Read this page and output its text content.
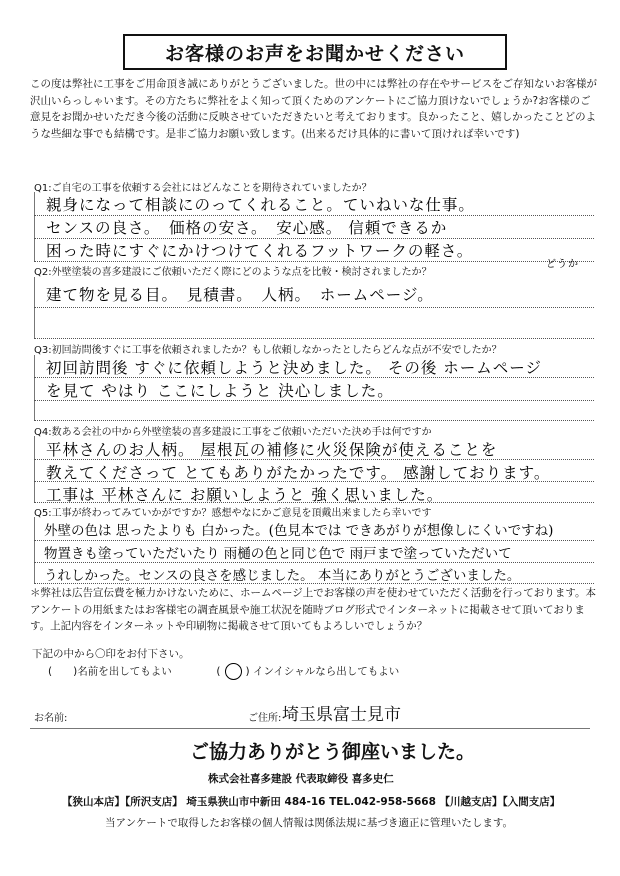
お客様のお声をお聞かせください
この度は弊社に工事をご用命頂き誠にありがとうございました。世の中には弊社の存在やサービスをご存知ないお客様が沢山いらっしゃいます。その方たちに弊社をよく知って頂くためのアンケートにご協力頂けないでしょうか?お客様のご意見をお聞かせいただき今後の活動に反映させていただきたいと考えております。良かったこと、嬉しかったことどのような些細な事でも結構です。是非ご協力お願い致します。(出来るだけ具体的に書いて頂ければ幸いです)
Q1:ご自宅の工事を依頼する会社にはどんなことを期待されていましたか？
親身になって相談にのってくれること。ていねいな仕事。
センスの良さ。　価格の安さ。　安心感。 信頼できるか
困った時にすぐにかけつけてくれるフットワークの軽さ。
どうか
Q2:外壁塗装の喜多建設にご依頼いただく際にどのような点を比較・検討されましたか？
建て物を見る目。　見積書。　人柄。　ホームページ。
Q3:初回訪問後すぐに工事を依頼されましたか？もし依頼しなかったとしたらどんな点が不安でしたか？
初回訪問後 すぐに依頼しようと決めました。 その後 ホームページ
を見て やはり ここにしようと 決心しました。
Q4:数ある会社の中から外壁塗装の喜多建設に工事をご依頼いただいた決め手は何ですか
平林さんのお人柄。 屋根瓦の補修に火災保険が使えることを
教えてくださって とてもありがたかったです。 感謝しております。
工事は 平林さんに お願いしようと 強く思いました。
Q5:工事が終わってみていかがですか？感想やなにかご意見を頂戴出来ましたら幸いです
外壁の色は 思ったよりも 白かった。(色見本では できあがりが想像しにくいですね)
物置きも塗っていただいたり 雨樋の色と同じ色で 雨戸まで塗っていただいて
うれしかった。センスの良さを感じました。 本当にありがとうございました。
＊弊社は広告宣伝費を極力かけないために、ホームページ上でお客様の声を使わせていただく活動を行っております。本アンケートの用紙またはお客様宅の調査風景や施工状況を随時ブログ形式でインターネットに掲載させて頂いております。上記内容をインターネットや印刷物に掲載させて頂いてもよろしいでしょうか？
下記の中から〇印をお付下さい。
(　　)名前を出してもよい	( ) インイシャルなら出してもよい
お名前:	ご住所: 埼玉県富士見市
ご協力ありがとう御座いました。
株式会社喜多建設 代表取締役 喜多史仁
【狭山本店】【所沢支店】 埼玉県狭山市中新田 484-16 TEL.042-958-5668 【川越支店】【入間支店】
当アンケートで取得したお客様の個人情報は関係法規に基づき適正に管理いたします。
